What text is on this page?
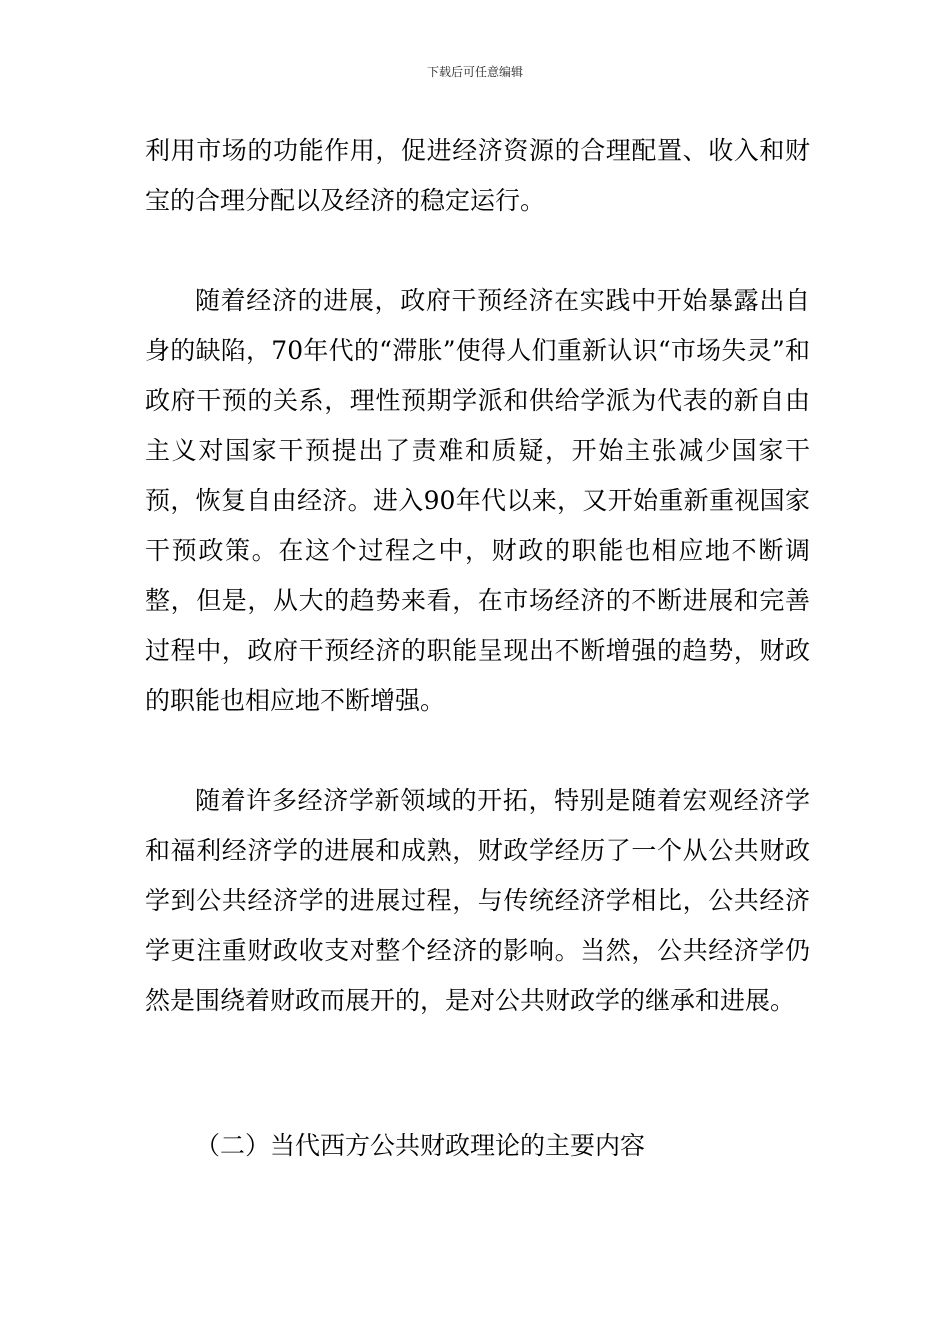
下载后可任意编辑

利用市场的功能作用，促进经济资源的合理配置、收入和财宝的合理分配以及经济的稳定运行。

随着经济的进展，政府干预经济在实践中开始暴露出自身的缺陷，70年代的“滞胀”使得人们重新认识“市场失灵”和政府干预的关系，理性预期学派和供给学派为代表的新自由主义对国家干预提出了责难和质疑，开始主张减少国家干预，恢复自由经济。进入90年代以来，又开始重新重视国家干预政策。在这个过程之中，财政的职能也相应地不断调整，但是，从大的趋势来看，在市场经济的不断进展和完善过程中，政府干预经济的职能呈现出不断增强的趋势，财政的职能也相应地不断增强。

随着许多经济学新领域的开拓，特别是随着宏观经济学和福利经济学的进展和成熟，财政学经历了一个从公共财政学到公共经济学的进展过程，与传统经济学相比，公共经济学更注重财政收支对整个经济的影响。当然，公共经济学仍然是围绕着财政而展开的，是对公共财政学的继承和进展。

（二）当代西方公共财政理论的主要内容
